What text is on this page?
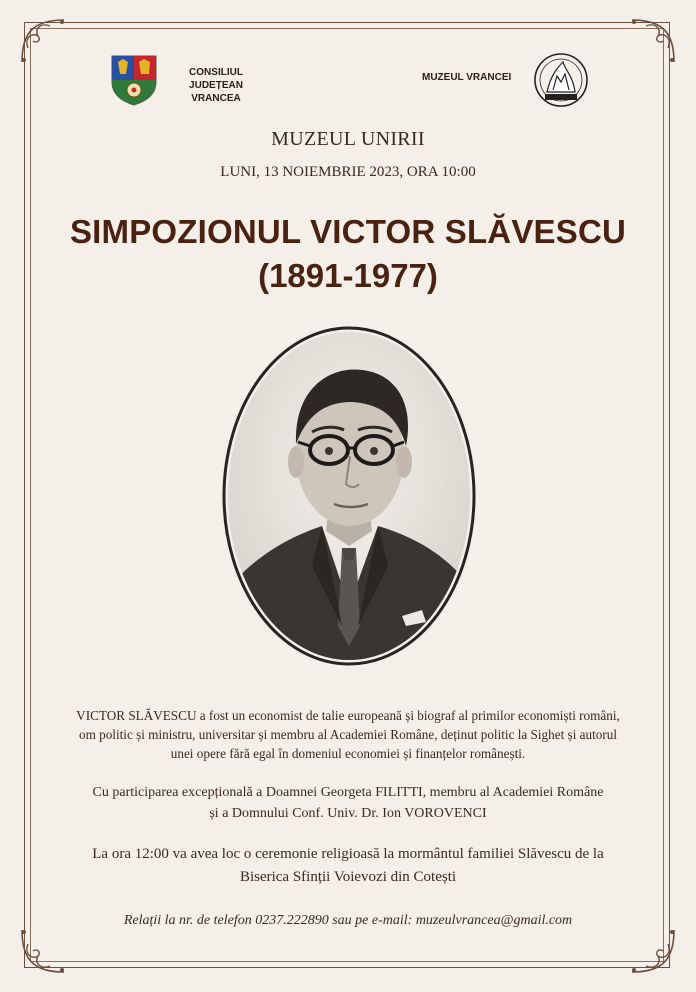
CONSILIUL JUDEȚEAN
VRANCEA
MUZEUL VRANCEI
MUZEUL UNIRII
LUNI, 13 NOIEMBRIE 2023, ORA 10:00
SIMPOZIONUL VICTOR SLĂVESCU
(1891-1977)
VICTOR SLĂVESCU a fost un economist de talie europeană și biograf al primilor economiști români,
om politic și ministru, universitar și membru al Academiei Române, deținut politic la Sighet și autorul
unei opere fără egal în domeniul economiei și finanțelor românești.
Cu participarea excepțională a Doamnei Georgeta FILITTI, membru al Academiei Române
și a Domnului Conf. Univ. Dr. Ion VOROVENCI
La ora 12:00 va avea loc o ceremonie religioasă la mormântul familiei Slăvescu de la
Biserica Sfinții Voievozi din Cotești
Relații la nr. de telefon 0237.222890 sau pe e-mail: muzeulvrancea@gmail.com
